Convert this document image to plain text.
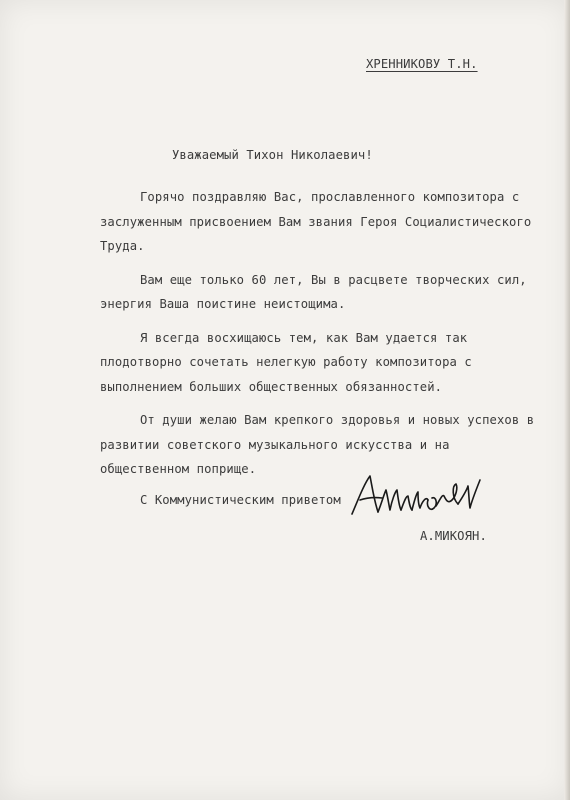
ХРЕННИКОВУ Т.Н.
Уважаемый Тихон Николаевич!

Горячо поздравляю Вас, прославленного композитора с заслуженным присвоением Вам звания Героя Социалистического Труда.

Вам еще только 60 лет, Вы в расцвете творческих сил, энергия Ваша поистине неистощима.

Я всегда восхищаюсь тем, как Вам удается так плодотворно сочетать нелегкую работу композитора с выполнением больших общественных обязанностей.

От души желаю Вам крепкого здоровья и новых успехов в развитии советского музыкального искусства и на общественном поприще.

С Коммунистическим приветом
А.МИКОЯН.
